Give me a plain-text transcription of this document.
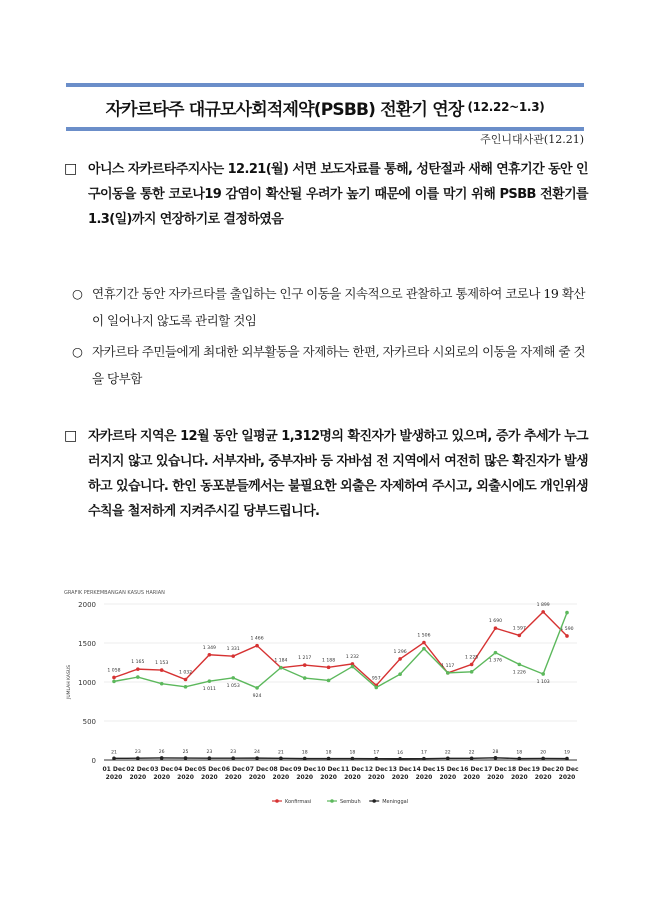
자카르타주 대규모사회적제약(PSBB) 전환기 연장 (12.22~1.3)
주인니대사관(12.21)
□ 아니스 자카르타주지사는 12.21(월) 서면 보도자료를 통해, 성탄절과 새해 연휴기간 동안 인구이동을 통한 코로나19 감염이 확산될 우려가 높기 때문에 이를 막기 위해 PSBB 전환기를 1.3(일)까지 연장하기로 결정하였음
○ 연휴기간 동안 자카르타를 출입하는 인구 이동을 지속적으로 관찰하고 통제하여 코로나 19 확산이 일어나지 않도록 관리할 것임
○ 자카르타 주민들에게 최대한 외부활동을 자제하는 한편, 자카르타 시외로의 이동을 자제해 줄 것을 당부함
□ 자카르타 지역은 12월 동안 일평균 1,312명의 확진자가 발생하고 있으며, 증가 추세가 누그러지지 않고 있습니다. 서부자바, 중부자바 등 자바섬 전 지역에서 여전히 많은 확진자가 발생하고 있습니다. 한인 동포분들께서는 불필요한 외출은 자제하여 주시고, 외출시에도 개인위생수칙을 철저하게 지켜주시길 당부드립니다.
GRAFIK PERKEMBANGAN KASUS HARIAN
JUMLAH KASUS
0
500
1000
1500
2000
01 Dec
2020
02 Dec
2020
03 Dec
2020
04 Dec
2020
05 Dec
2020
06 Dec
2020
07 Dec
2020
08 Dec
2020
09 Dec
2020
10 Dec
2020
11 Dec
2020
12 Dec
2020
13 Dec
2020
14 Dec
2020
15 Dec
2020
16 Dec
2020
17 Dec
2020
18 Dec
2020
19 Dec
2020
20 Dec
2020
1 058
1 165 1 153
1 032
1 349 1 331
1 466
1 184
1 217 1 188
1 232
957
1 296
1 506
1 117
1 225
1 690
1 597
1 899
1 590
1 011
1 053
924
1 376
1 226
1 103
21	23	26	25	23	23	24	21	18	18	18	17	16	17	22	22	28	18	20	19
Konfirmasi	Sembuh	Meninggal
